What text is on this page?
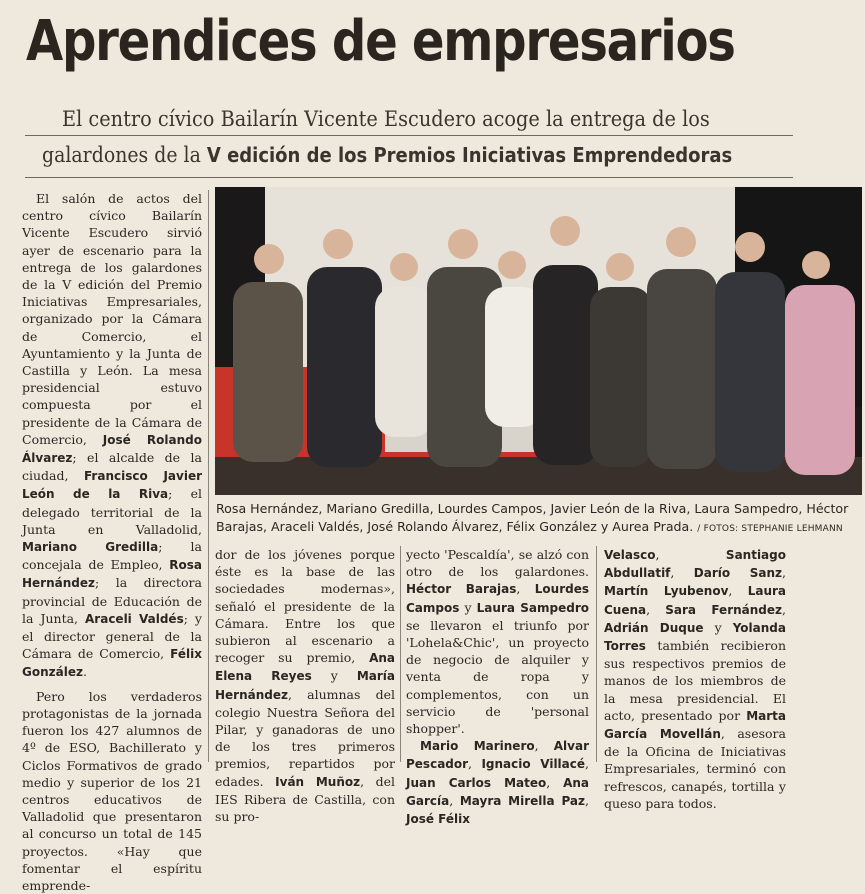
Aprendices de empresarios
El centro cívico Bailarín Vicente Escudero acoge la entrega de los
galardones de la V edición de los Premios Iniciativas Emprendedoras

El salón de actos del centro cívico Bailarín Vicente Escudero sirvió ayer de escenario para la entrega de los galardones de la V edición del Premio Iniciativas Empresariales, organizado por la Cámara de Comercio, el Ayuntamiento y la Junta de Castilla y León. La mesa presidencial estuvo compuesta por el presidente de la Cámara de Comercio, José Rolando Álvarez; el alcalde de la ciudad, Francisco Javier León de la Riva; el delegado territorial de la Junta en Valladolid, Mariano Gredilla; la concejala de Empleo, Rosa Hernández; la directora provincial de Educación de la Junta, Araceli Valdés; y el director general de la Cámara de Comercio, Félix González.

Pero los verdaderos protagonistas de la jornada fueron los 427 alumnos de 4º de ESO, Bachillerato y Ciclos Formativos de grado medio y superior de los 21 centros educativos de Valladolid que presentaron al concurso un total de 145 proyectos. «Hay que fomentar el espíritu emprende-

Rosa Hernández, Mariano Gredilla, Lourdes Campos, Javier León de la Riva, Laura Sampedro, Héctor Barajas, Araceli Valdés, José Rolando Álvarez, Félix González y Aurea Prada. / FOTOS: STEPHANIE LEHMANN

dor de los jóvenes porque éste es la base de las sociedades modernas», señaló el presidente de la Cámara. Entre los que subieron al escenario a recoger su premio, Ana Elena Reyes y María Hernández, alumnas del colegio Nuestra Señora del Pilar, y ganadoras de uno de los tres primeros premios, repartidos por edades. Iván Muñoz, del IES Ribera de Castilla, con su pro-

yecto 'Pescaldía', se alzó con otro de los galardones. Héctor Barajas, Lourdes Campos y Laura Sampedro se llevaron el triunfo por 'Lohela&Chic', un proyecto de negocio de alquiler y venta de ropa y complementos, con un servicio de 'personal shopper'.

Mario Marinero, Alvar Pescador, Ignacio Villacé, Juan Carlos Mateo, Ana García, Mayra Mirella Paz, José Félix

Velasco, Santiago Abdullatif, Darío Sanz, Martín Lyubenov, Laura Cuena, Sara Fernández, Adrián Duque y Yolanda Torres también recibieron sus respectivos premios de manos de los miembros de la mesa presidencial. El acto, presentado por Marta García Movellán, asesora de la Oficina de Iniciativas Empresariales, terminó con refrescos, canapés, tortilla y queso para todos.
